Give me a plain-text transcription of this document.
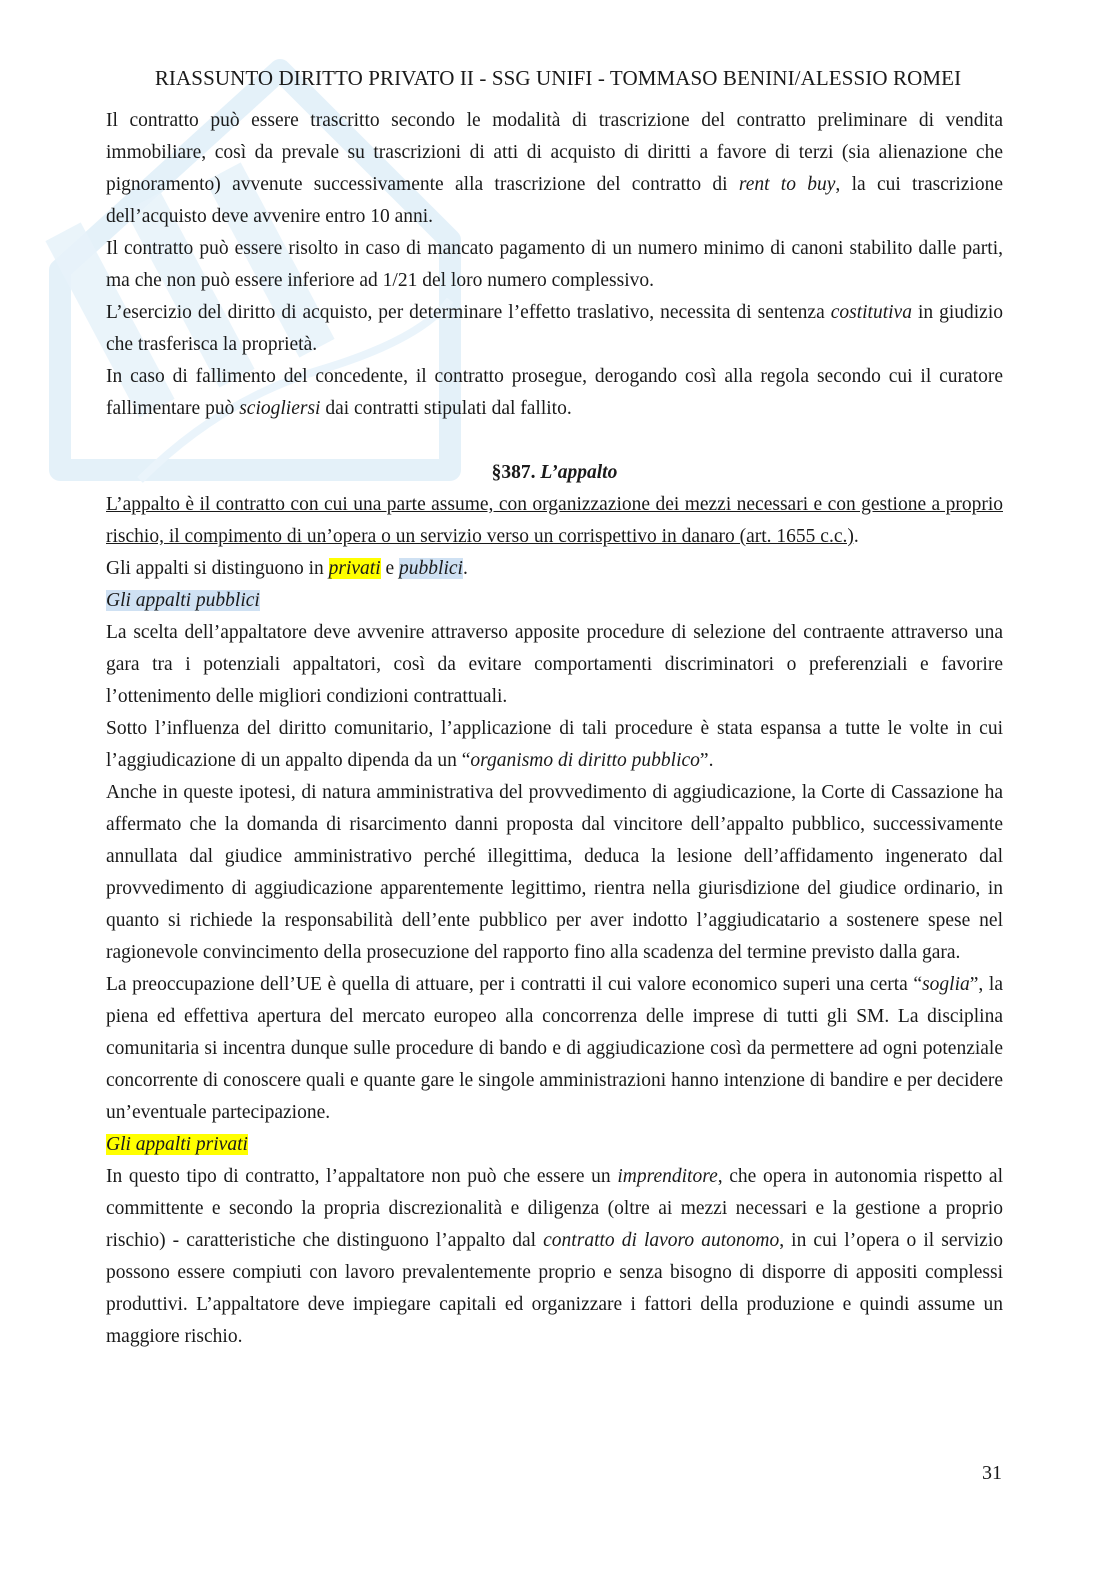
RIASSUNTO DIRITTO PRIVATO II - SSG UNIFI - TOMMASO BENINI/ALESSIO ROMEI

Il contratto può essere trascritto secondo le modalità di trascrizione del contratto preliminare di vendita immobiliare, così da prevale su trascrizioni di atti di acquisto di diritti a favore di terzi (sia alienazione che pignoramento) avvenute successivamente alla trascrizione del contratto di rent to buy, la cui trascrizione dell’acquisto deve avvenire entro 10 anni.

Il contratto può essere risolto in caso di mancato pagamento di un numero minimo di canoni stabilito dalle parti, ma che non può essere inferiore ad 1/21 del loro numero complessivo.

L’esercizio del diritto di acquisto, per determinare l’effetto traslativo, necessita di sentenza costitutiva in giudizio che trasferisca la proprietà.

In caso di fallimento del concedente, il contratto prosegue, derogando così alla regola secondo cui il curatore fallimentare può sciogliersi dai contratti stipulati dal fallito.

§387. L’appalto

L’appalto è il contratto con cui una parte assume, con organizzazione dei mezzi necessari e con gestione a proprio rischio, il compimento di un’opera o un servizio verso un corrispettivo in danaro (art. 1655 c.c.).

Gli appalti si distinguono in privati e pubblici.

Gli appalti pubblici

La scelta dell’appaltatore deve avvenire attraverso apposite procedure di selezione del contraente attraverso una gara tra i potenziali appaltatori, così da evitare comportamenti discriminatori o preferenziali e favorire l’ottenimento delle migliori condizioni contrattuali.

Sotto l’influenza del diritto comunitario, l’applicazione di tali procedure è stata espansa a tutte le volte in cui l’aggiudicazione di un appalto dipenda da un “organismo di diritto pubblico”.

Anche in queste ipotesi, di natura amministrativa del provvedimento di aggiudicazione, la Corte di Cassazione ha affermato che la domanda di risarcimento danni proposta dal vincitore dell’appalto pubblico, successivamente annullata dal giudice amministrativo perché illegittima, deduca la lesione dell’affidamento ingenerato dal provvedimento di aggiudicazione apparentemente legittimo, rientra nella giurisdizione del giudice ordinario, in quanto si richiede la responsabilità dell’ente pubblico per aver indotto l’aggiudicatario a sostenere spese nel ragionevole convincimento della prosecuzione del rapporto fino alla scadenza del termine previsto dalla gara.

La preoccupazione dell’UE è quella di attuare, per i contratti il cui valore economico superi una certa “soglia”, la piena ed effettiva apertura del mercato europeo alla concorrenza delle imprese di tutti gli SM. La disciplina comunitaria si incentra dunque sulle procedure di bando e di aggiudicazione così da permettere ad ogni potenziale concorrente di conoscere quali e quante gare le singole amministrazioni hanno intenzione di bandire e per decidere un’eventuale partecipazione.

Gli appalti privati

In questo tipo di contratto, l’appaltatore non può che essere un imprenditore, che opera in autonomia rispetto al committente e secondo la propria discrezionalità e diligenza (oltre ai mezzi necessari e la gestione a proprio rischio) - caratteristiche che distinguono l’appalto dal contratto di lavoro autonomo, in cui l’opera o il servizio possono essere compiuti con lavoro prevalentemente proprio e senza bisogno di disporre di appositi complessi produttivi. L’appaltatore deve impiegare capitali ed organizzare i fattori della produzione e quindi assume un maggiore rischio.

31
